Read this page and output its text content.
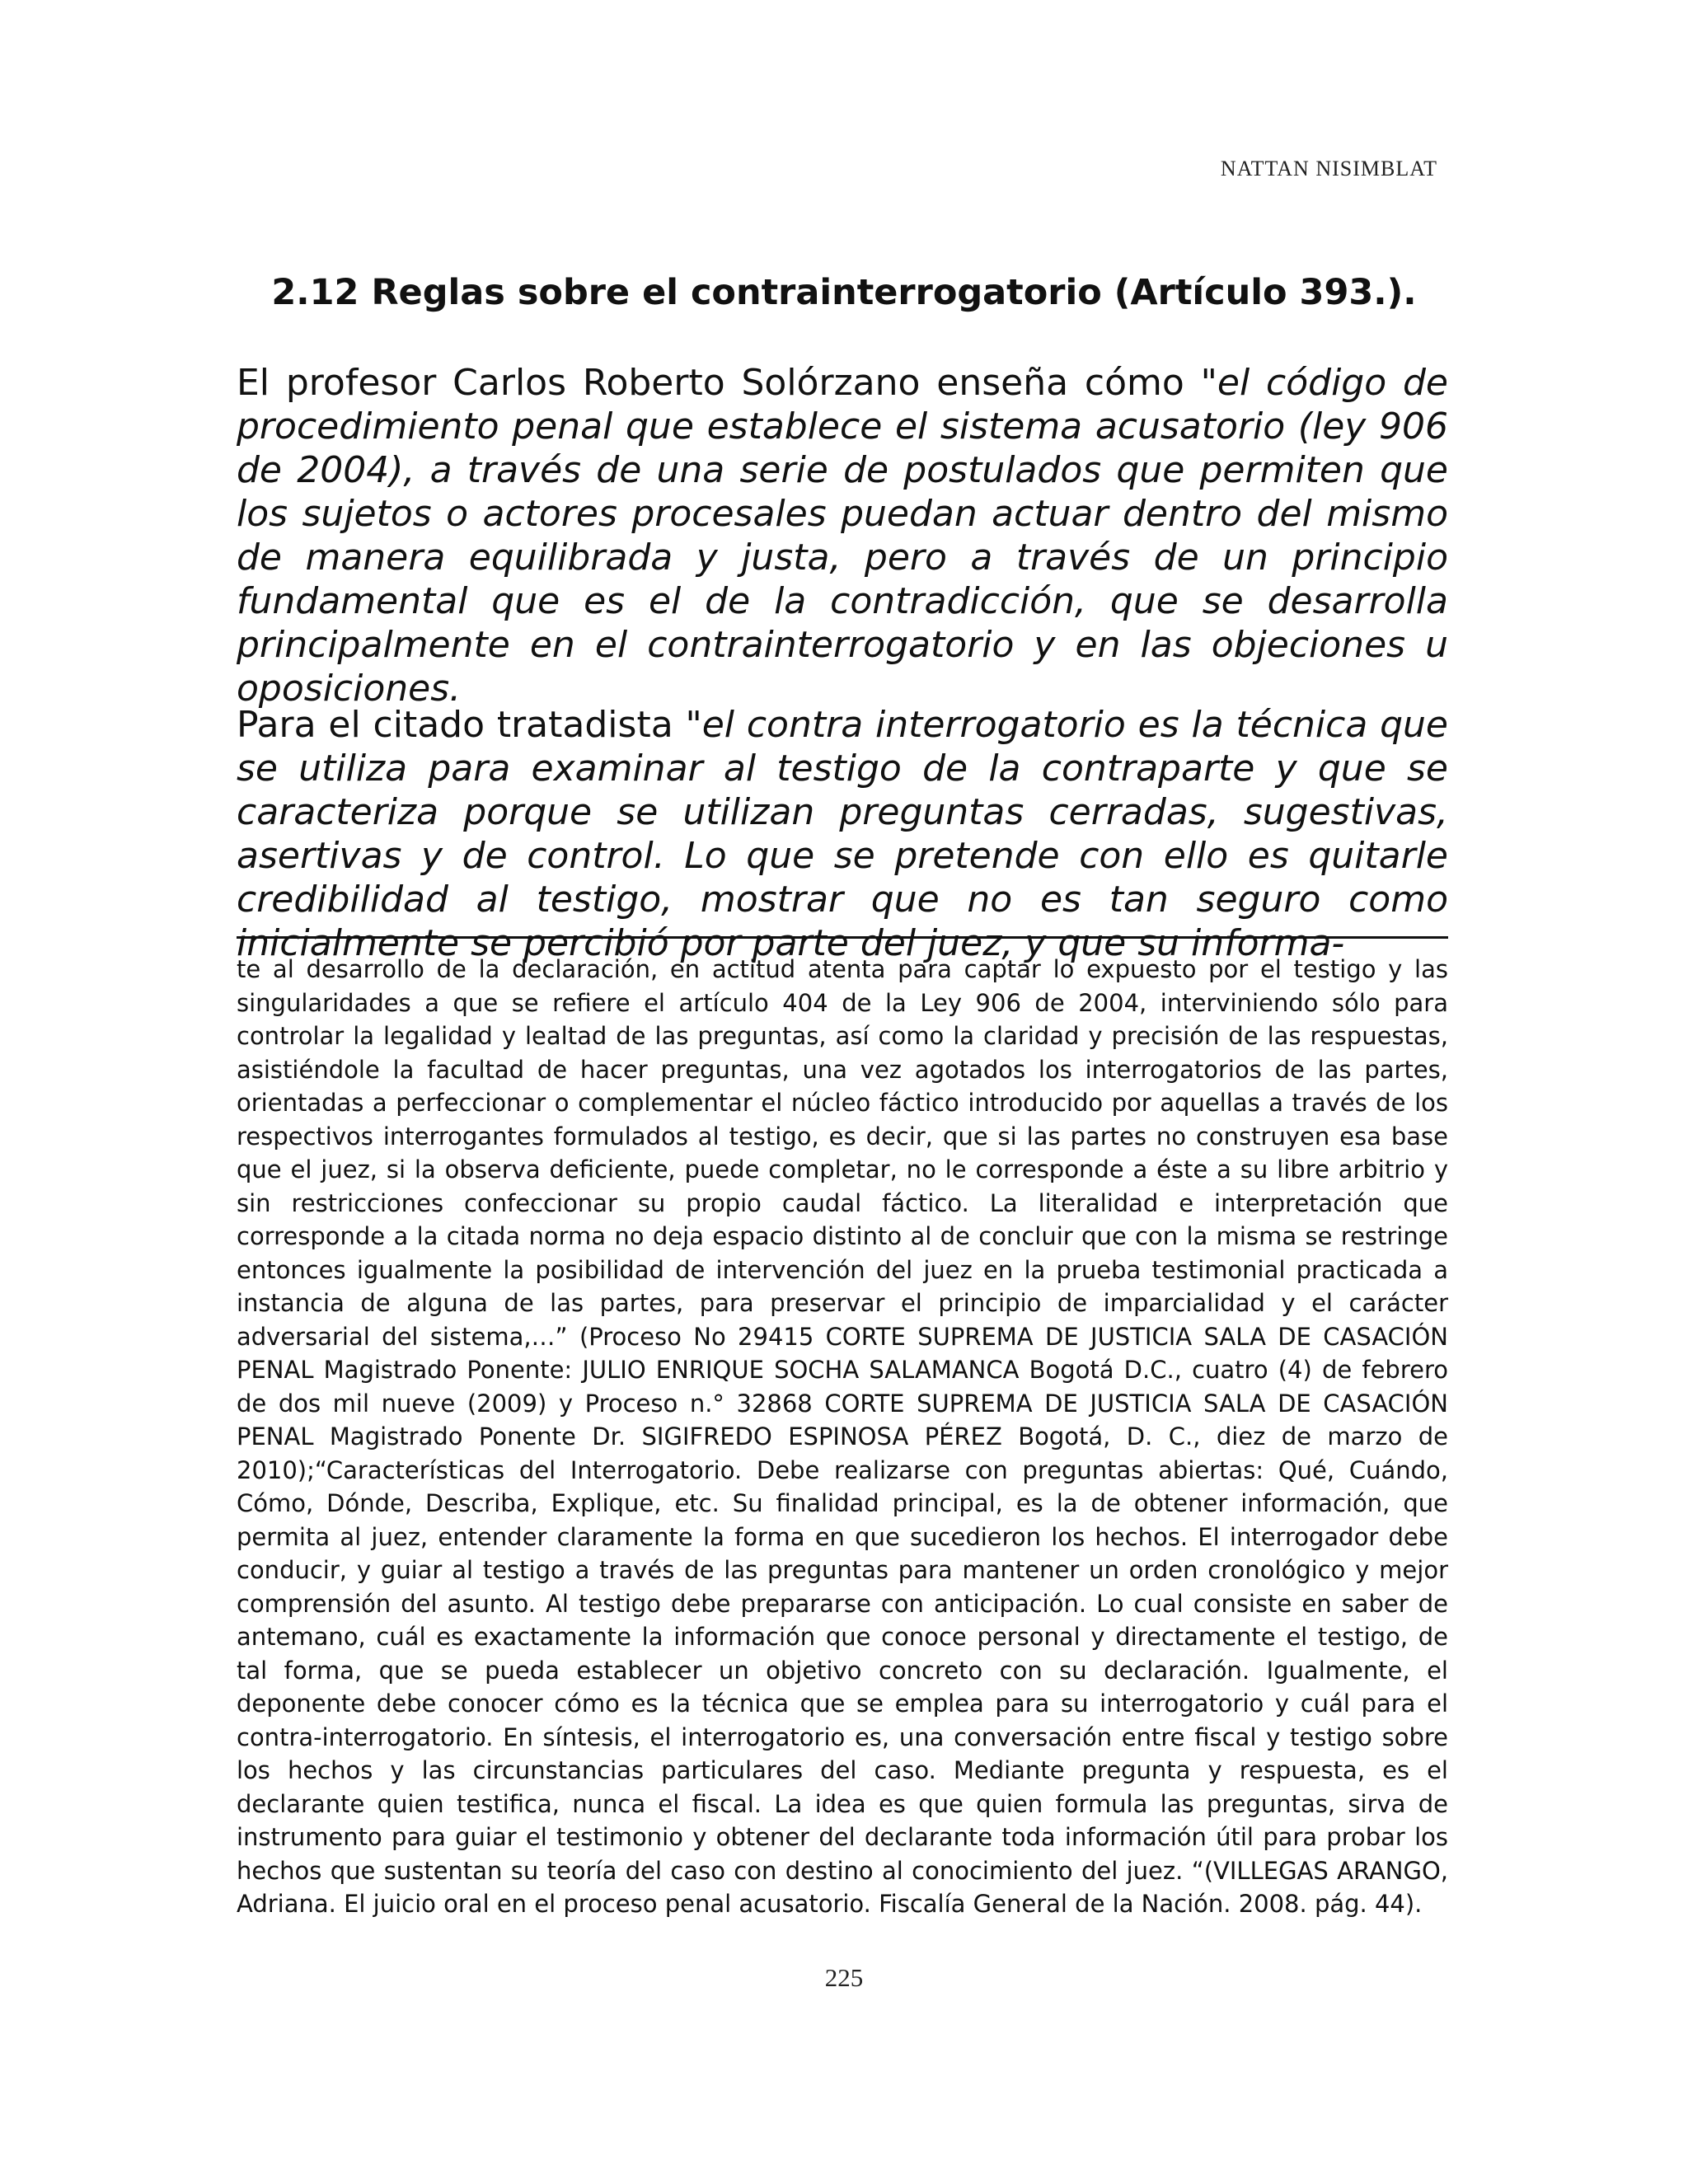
NATTAN NISIMBLAT
2.12 Reglas sobre el contrainterrogatorio (Artículo 393.).

El profesor Carlos Roberto Solórzano enseña cómo "el código de procedimiento penal que establece el sistema acusatorio (ley 906 de 2004), a través de una serie de postulados que permiten que los sujetos o actores procesales puedan actuar dentro del mismo de manera equilibrada y justa, pero a través de un principio fundamental que es el de la contradicción, que se desarrolla principalmente en el contrainterrogatorio y en las objeciones u oposiciones.

Para el citado tratadista "el contra interrogatorio es la técnica que se utiliza para examinar al testigo de la contraparte y que se caracteriza porque se utilizan preguntas cerradas, sugestivas, asertivas y de control. Lo que se pretende con ello es quitarle credibilidad al testigo, mostrar que no es tan seguro como inicialmente se percibió por parte del juez, y que su informa-

te al desarrollo de la declaración, en actitud atenta para captar lo expuesto por el testigo y las singularidades a que se refiere el artículo 404 de la Ley 906 de 2004, interviniendo sólo para controlar la legalidad y lealtad de las preguntas, así como la claridad y precisión de las respuestas, asistiéndole la facultad de hacer preguntas, una vez agotados los interrogatorios de las partes, orientadas a perfeccionar o complementar el núcleo fáctico introducido por aquellas a través de los respectivos interrogantes formulados al testigo, es decir, que si las partes no construyen esa base que el juez, si la observa deficiente, puede completar, no le corresponde a éste a su libre arbitrio y sin restricciones confeccionar su propio caudal fáctico. La literalidad e interpretación que corresponde a la citada norma no deja espacio distinto al de concluir que con la misma se restringe entonces igualmente la posibilidad de intervención del juez en la prueba testimonial practicada a instancia de alguna de las partes, para preservar el principio de imparcialidad y el carácter adversarial del sistema,…” (Proceso No 29415 CORTE SUPREMA DE JUSTICIA SALA DE CASACIÓN PENAL Magistrado Ponente: JULIO ENRIQUE SOCHA SALAMANCA Bogotá D.C., cuatro (4) de febrero de dos mil nueve (2009) y Proceso n.° 32868 CORTE SUPREMA DE JUSTICIA SALA DE CASACIÓN PENAL Magistrado Ponente Dr. SIGIFREDO ESPINOSA PÉREZ Bogotá, D. C., diez de marzo de 2010);“Características del Interrogatorio. Debe realizarse con preguntas abiertas: Qué, Cuándo, Cómo, Dónde, Describa, Explique, etc. Su finalidad principal, es la de obtener información, que permita al juez, entender claramente la forma en que sucedieron los hechos. El interrogador debe conducir, y guiar al testigo a través de las preguntas para mantener un orden cronológico y mejor comprensión del asunto. Al testigo debe prepararse con anticipación. Lo cual consiste en saber de antemano, cuál es exactamente la información que conoce personal y directamente el testigo, de tal forma, que se pueda establecer un objetivo concreto con su declaración. Igualmente, el deponente debe conocer cómo es la técnica que se emplea para su interrogatorio y cuál para el contra-interrogatorio. En síntesis, el interrogatorio es, una conversación entre fiscal y testigo sobre los hechos y las circunstancias particulares del caso. Mediante pregunta y respuesta, es el declarante quien testifica, nunca el fiscal. La idea es que quien formula las preguntas, sirva de instrumento para guiar el testimonio y obtener del declarante toda información útil para probar los hechos que sustentan su teoría del caso con destino al conocimiento del juez. “(VILLEGAS ARANGO, Adriana. El juicio oral en el proceso penal acusatorio. Fiscalía General de la Nación. 2008. pág. 44).

225
